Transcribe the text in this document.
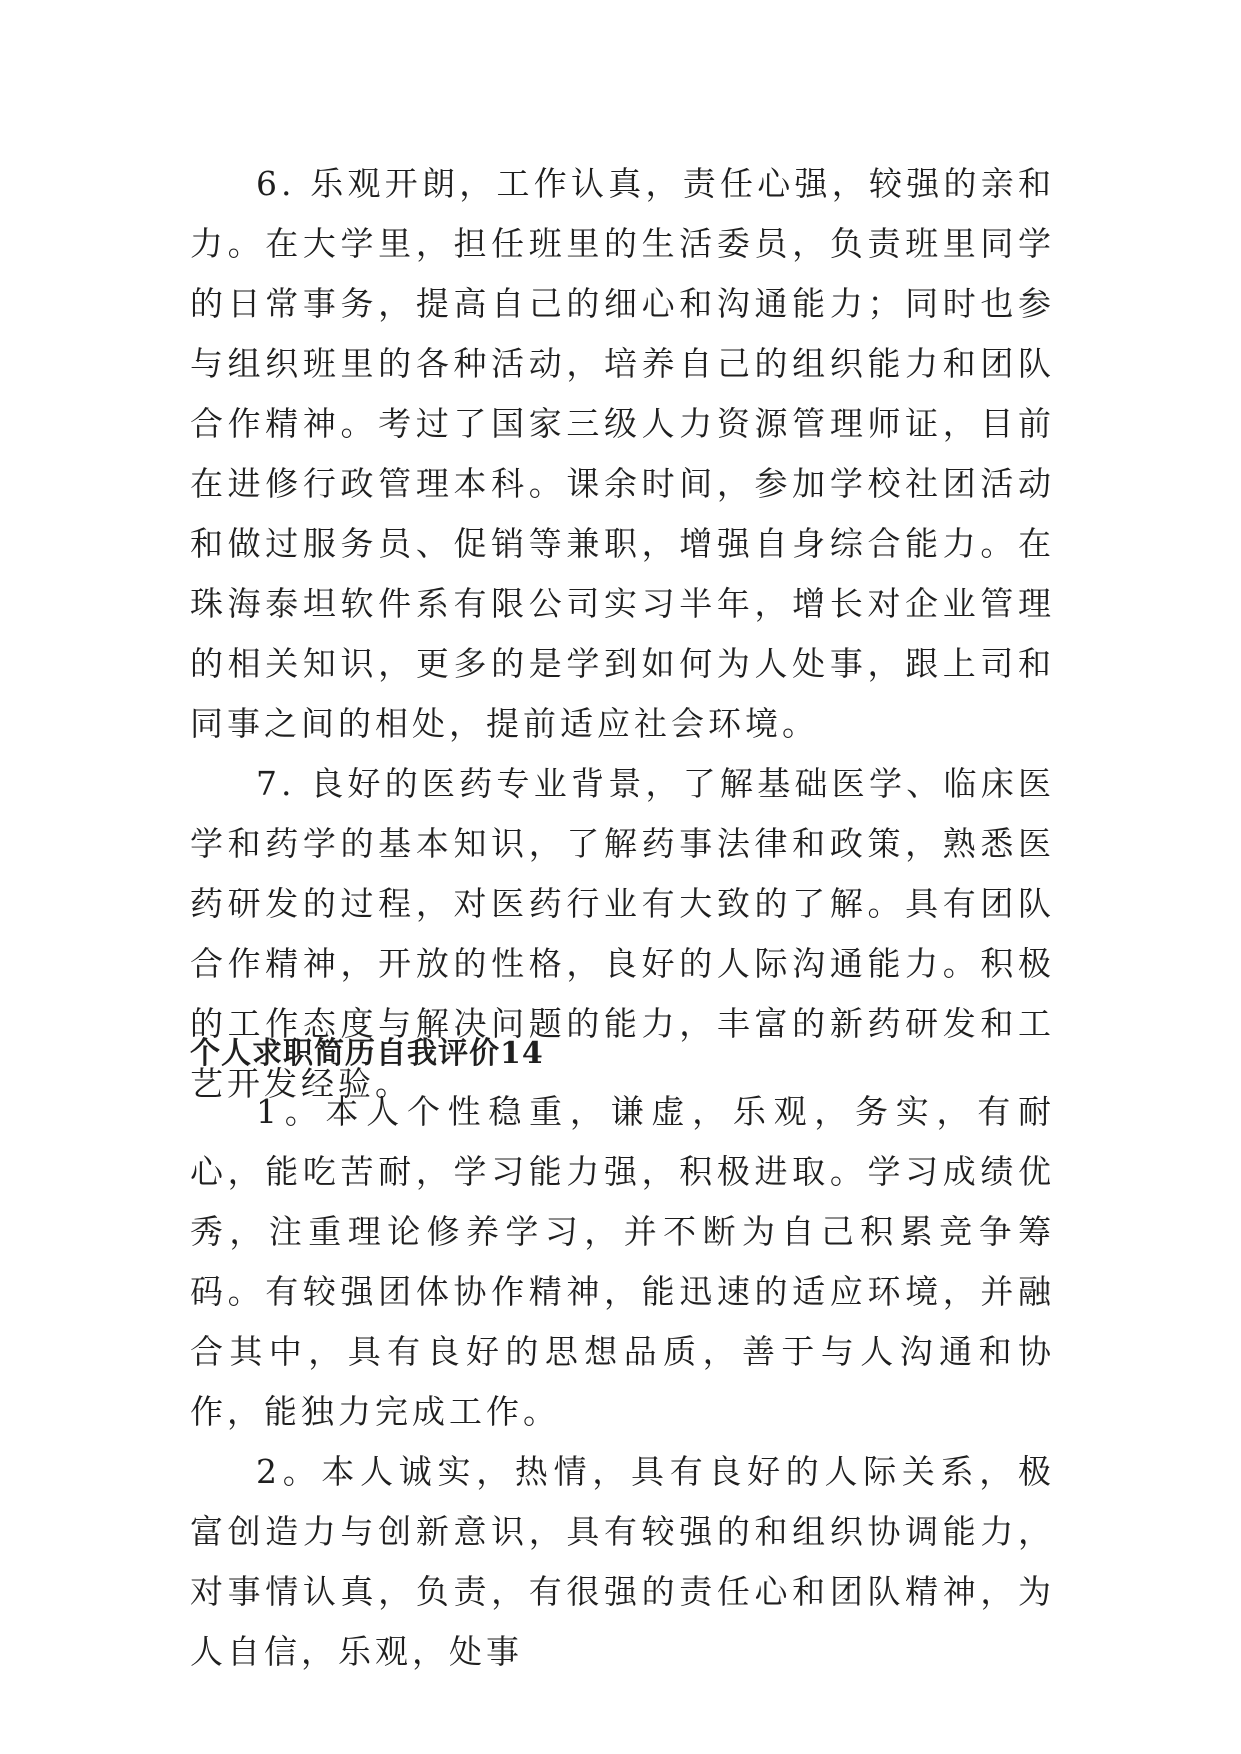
6. 乐观开朗，工作认真，责任心强，较强的亲和力。在大学里，担任班里的生活委员，负责班里同学的日常事务，提高自己的细心和沟通能力；同时也参与组织班里的各种活动，培养自己的组织能力和团队合作精神。考过了国家三级人力资源管理师证，目前在进修行政管理本科。课余时间，参加学校社团活动和做过服务员、促销等兼职，增强自身综合能力。在珠海泰坦软件系有限公司实习半年，增长对企业管理的相关知识，更多的是学到如何为人处事，跟上司和同事之间的相处，提前适应社会环境。

7. 良好的医药专业背景，了解基础医学、临床医学和药学的基本知识，了解药事法律和政策，熟悉医药研发的过程，对医药行业有大致的了解。具有团队合作精神，开放的性格，良好的人际沟通能力。积极的工作态度与解决问题的能力，丰富的新药研发和工艺开发经验。

个人求职简历自我评价14

1。本人个性稳重，谦虚，乐观，务实，有耐心，能吃苦耐，学习能力强，积极进取。学习成绩优秀，注重理论修养学习，并不断为自己积累竞争筹码。有较强团体协作精神，能迅速的适应环境，并融合其中，具有良好的思想品质，善于与人沟通和协作，能独力完成工作。

2。本人诚实，热情，具有良好的人际关系，极富创造力与创新意识，具有较强的和组织协调能力，对事情认真，负责，有很强的责任心和团队精神，为人自信，乐观，处事
